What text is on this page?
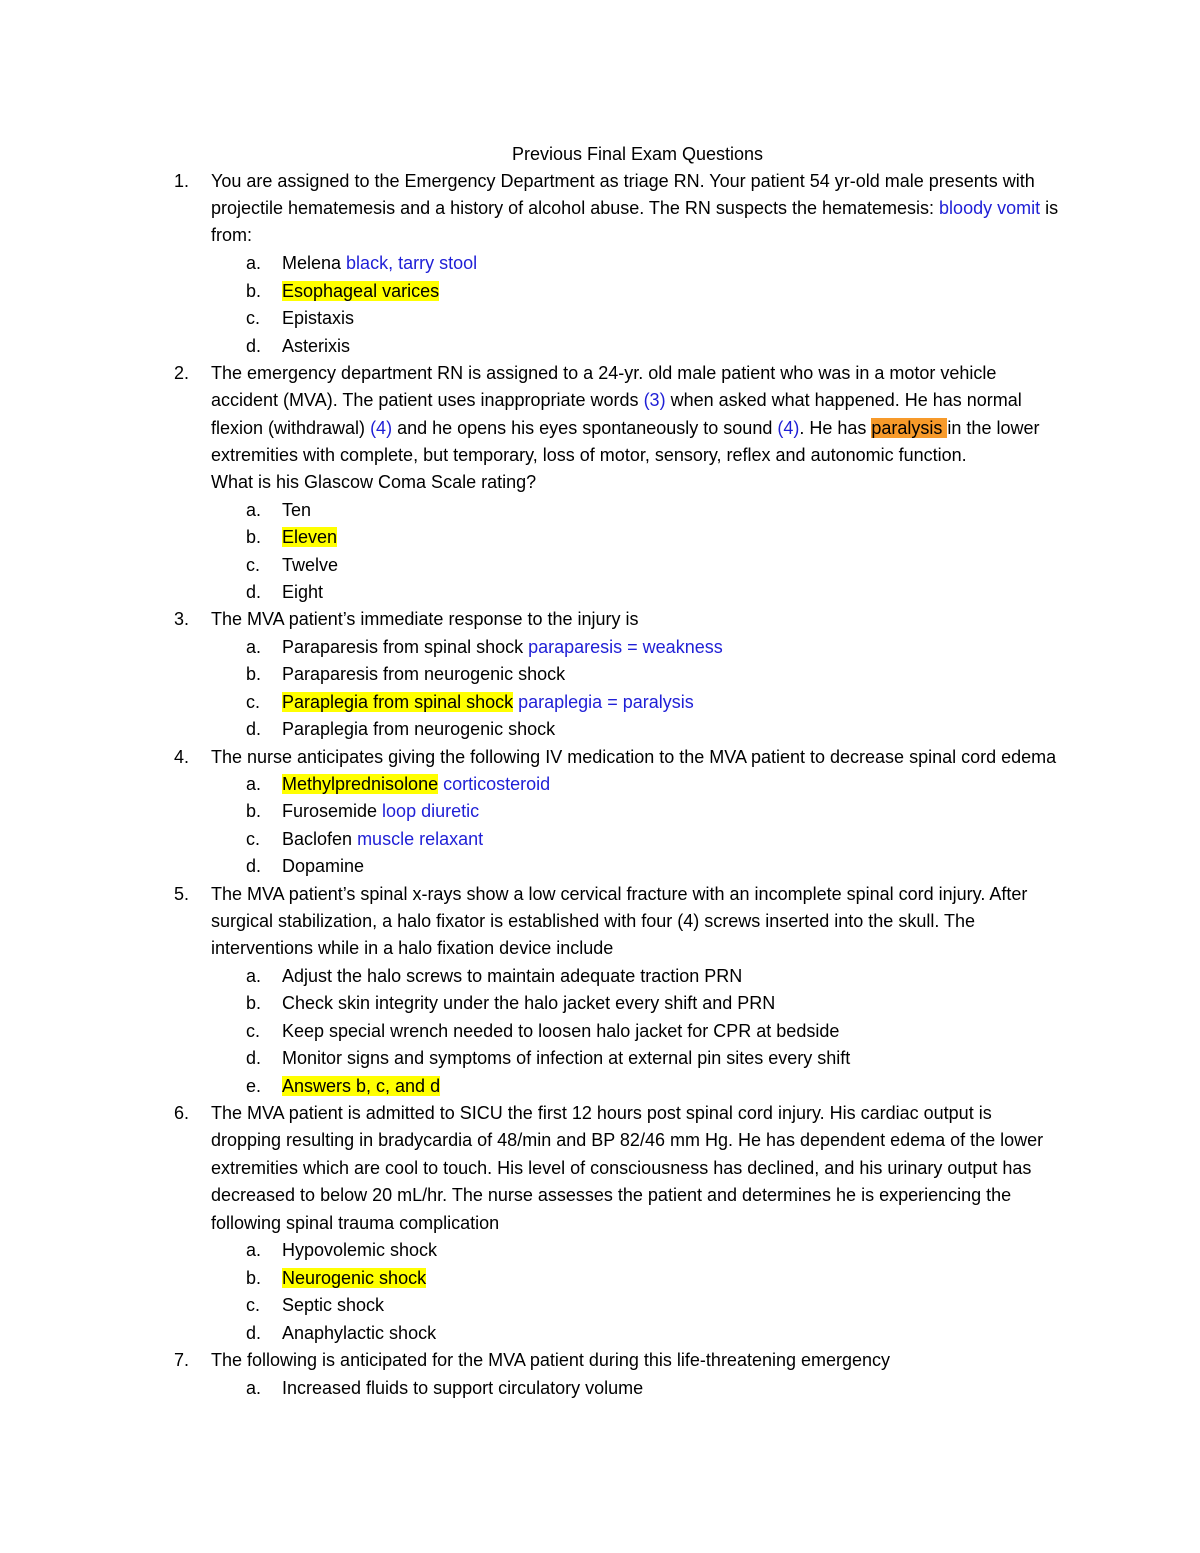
Previous Final Exam Questions
1. You are assigned to the Emergency Department as triage RN. Your patient 54 yr-old male presents with
projectile hematemesis and a history of alcohol abuse. The RN suspects the hematemesis: bloody vomit is
from:
a. Melena black, tarry stool
b. Esophageal varices
c. Epistaxis
d. Asterixis
2. The emergency department RN is assigned to a 24-yr. old male patient who was in a motor vehicle
accident (MVA). The patient uses inappropriate words (3) when asked what happened. He has normal
flexion (withdrawal) (4) and he opens his eyes spontaneously to sound (4). He has paralysis in the lower
extremities with complete, but temporary, loss of motor, sensory, reflex and autonomic function.
What is his Glascow Coma Scale rating?
a. Ten
b. Eleven
c. Twelve
d. Eight
3. The MVA patient’s immediate response to the injury is
a. Paraparesis from spinal shock paraparesis = weakness
b. Paraparesis from neurogenic shock
c. Paraplegia from spinal shock paraplegia = paralysis
d. Paraplegia from neurogenic shock
4. The nurse anticipates giving the following IV medication to the MVA patient to decrease spinal cord edema
a. Methylprednisolone corticosteroid
b. Furosemide loop diuretic
c. Baclofen muscle relaxant
d. Dopamine
5. The MVA patient’s spinal x-rays show a low cervical fracture with an incomplete spinal cord injury. After
surgical stabilization, a halo fixator is established with four (4) screws inserted into the skull. The
interventions while in a halo fixation device include
a. Adjust the halo screws to maintain adequate traction PRN
b. Check skin integrity under the halo jacket every shift and PRN
c. Keep special wrench needed to loosen halo jacket for CPR at bedside
d. Monitor signs and symptoms of infection at external pin sites every shift
e. Answers b, c, and d
6. The MVA patient is admitted to SICU the first 12 hours post spinal cord injury. His cardiac output is
dropping resulting in bradycardia of 48/min and BP 82/46 mm Hg. He has dependent edema of the lower
extremities which are cool to touch. His level of consciousness has declined, and his urinary output has
decreased to below 20 mL/hr. The nurse assesses the patient and determines he is experiencing the
following spinal trauma complication
a. Hypovolemic shock
b. Neurogenic shock
c. Septic shock
d. Anaphylactic shock
7. The following is anticipated for the MVA patient during this life-threatening emergency
a. Increased fluids to support circulatory volume
